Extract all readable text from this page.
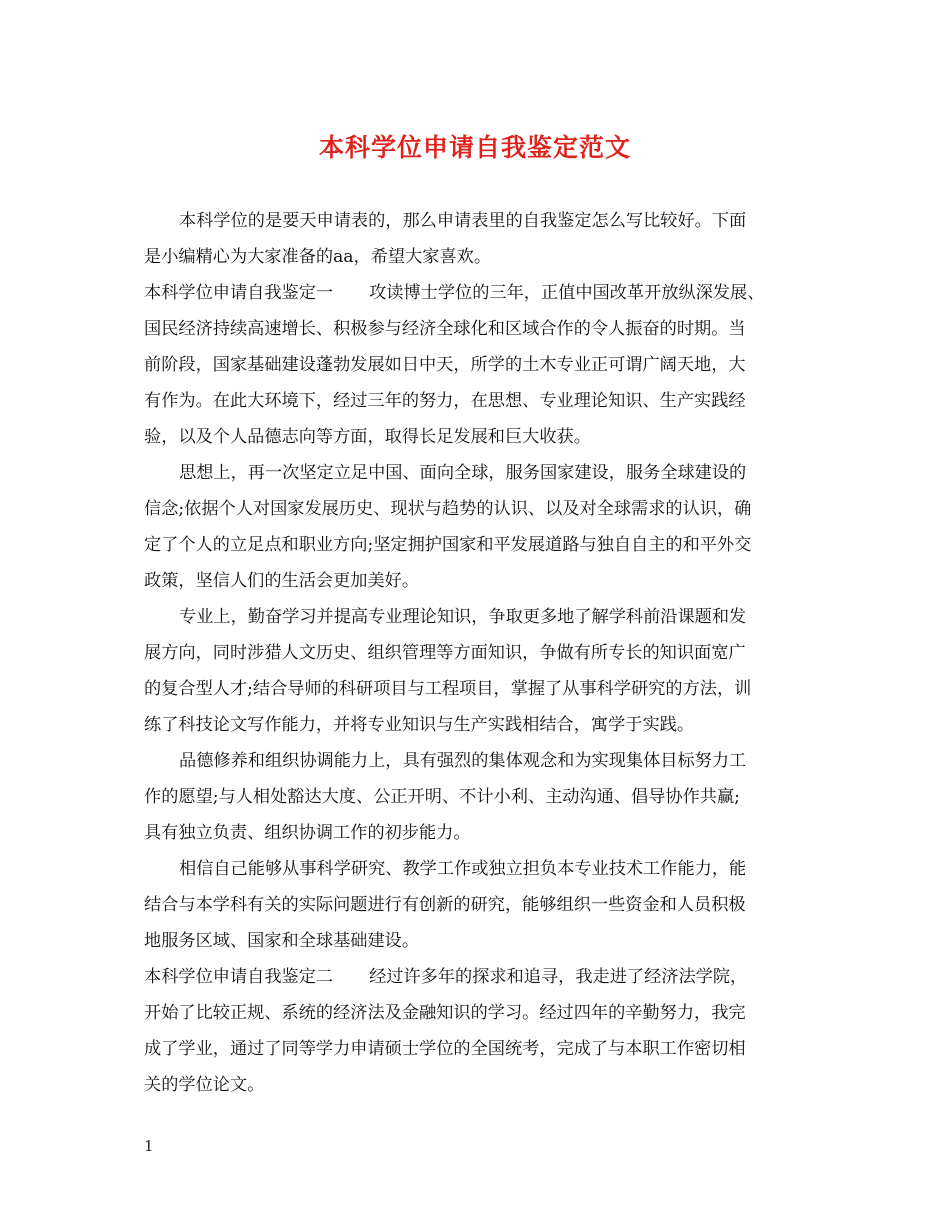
本科学位申请自我鉴定范文
本科学位的是要天申请表的，那么申请表里的自我鉴定怎么写比较好。下面
是小编精心为大家准备的aa，希望大家喜欢。
本科学位申请自我鉴定一 攻读博士学位的三年，正值中国改革开放纵深发展、
国民经济持续高速增长、积极参与经济全球化和区域合作的令人振奋的时期。当
前阶段，国家基础建设蓬勃发展如日中天，所学的土木专业正可谓广阔天地，大
有作为。在此大环境下，经过三年的努力，在思想、专业理论知识、生产实践经
验，以及个人品德志向等方面，取得长足发展和巨大收获。
思想上，再一次坚定立足中国、面向全球，服务国家建设，服务全球建设的
信念;依据个人对国家发展历史、现状与趋势的认识、以及对全球需求的认识，确
定了个人的立足点和职业方向;坚定拥护国家和平发展道路与独自自主的和平外交
政策，坚信人们的生活会更加美好。
专业上，勤奋学习并提高专业理论知识，争取更多地了解学科前沿课题和发
展方向，同时涉猎人文历史、组织管理等方面知识，争做有所专长的知识面宽广
的复合型人才;结合导师的科研项目与工程项目，掌握了从事科学研究的方法，训
练了科技论文写作能力，并将专业知识与生产实践相结合，寓学于实践。
品德修养和组织协调能力上，具有强烈的集体观念和为实现集体目标努力工
作的愿望;与人相处豁达大度、公正开明、不计小利、主动沟通、倡导协作共赢;
具有独立负责、组织协调工作的初步能力。
相信自己能够从事科学研究、教学工作或独立担负本专业技术工作能力，能
结合与本学科有关的实际问题进行有创新的研究，能够组织一些资金和人员积极
地服务区域、国家和全球基础建设。
本科学位申请自我鉴定二 经过许多年的探求和追寻，我走进了经济法学院，
开始了比较正规、系统的经济法及金融知识的学习。经过四年的辛勤努力，我完
成了学业，通过了同等学力申请硕士学位的全国统考，完成了与本职工作密切相
关的学位论文。
1
